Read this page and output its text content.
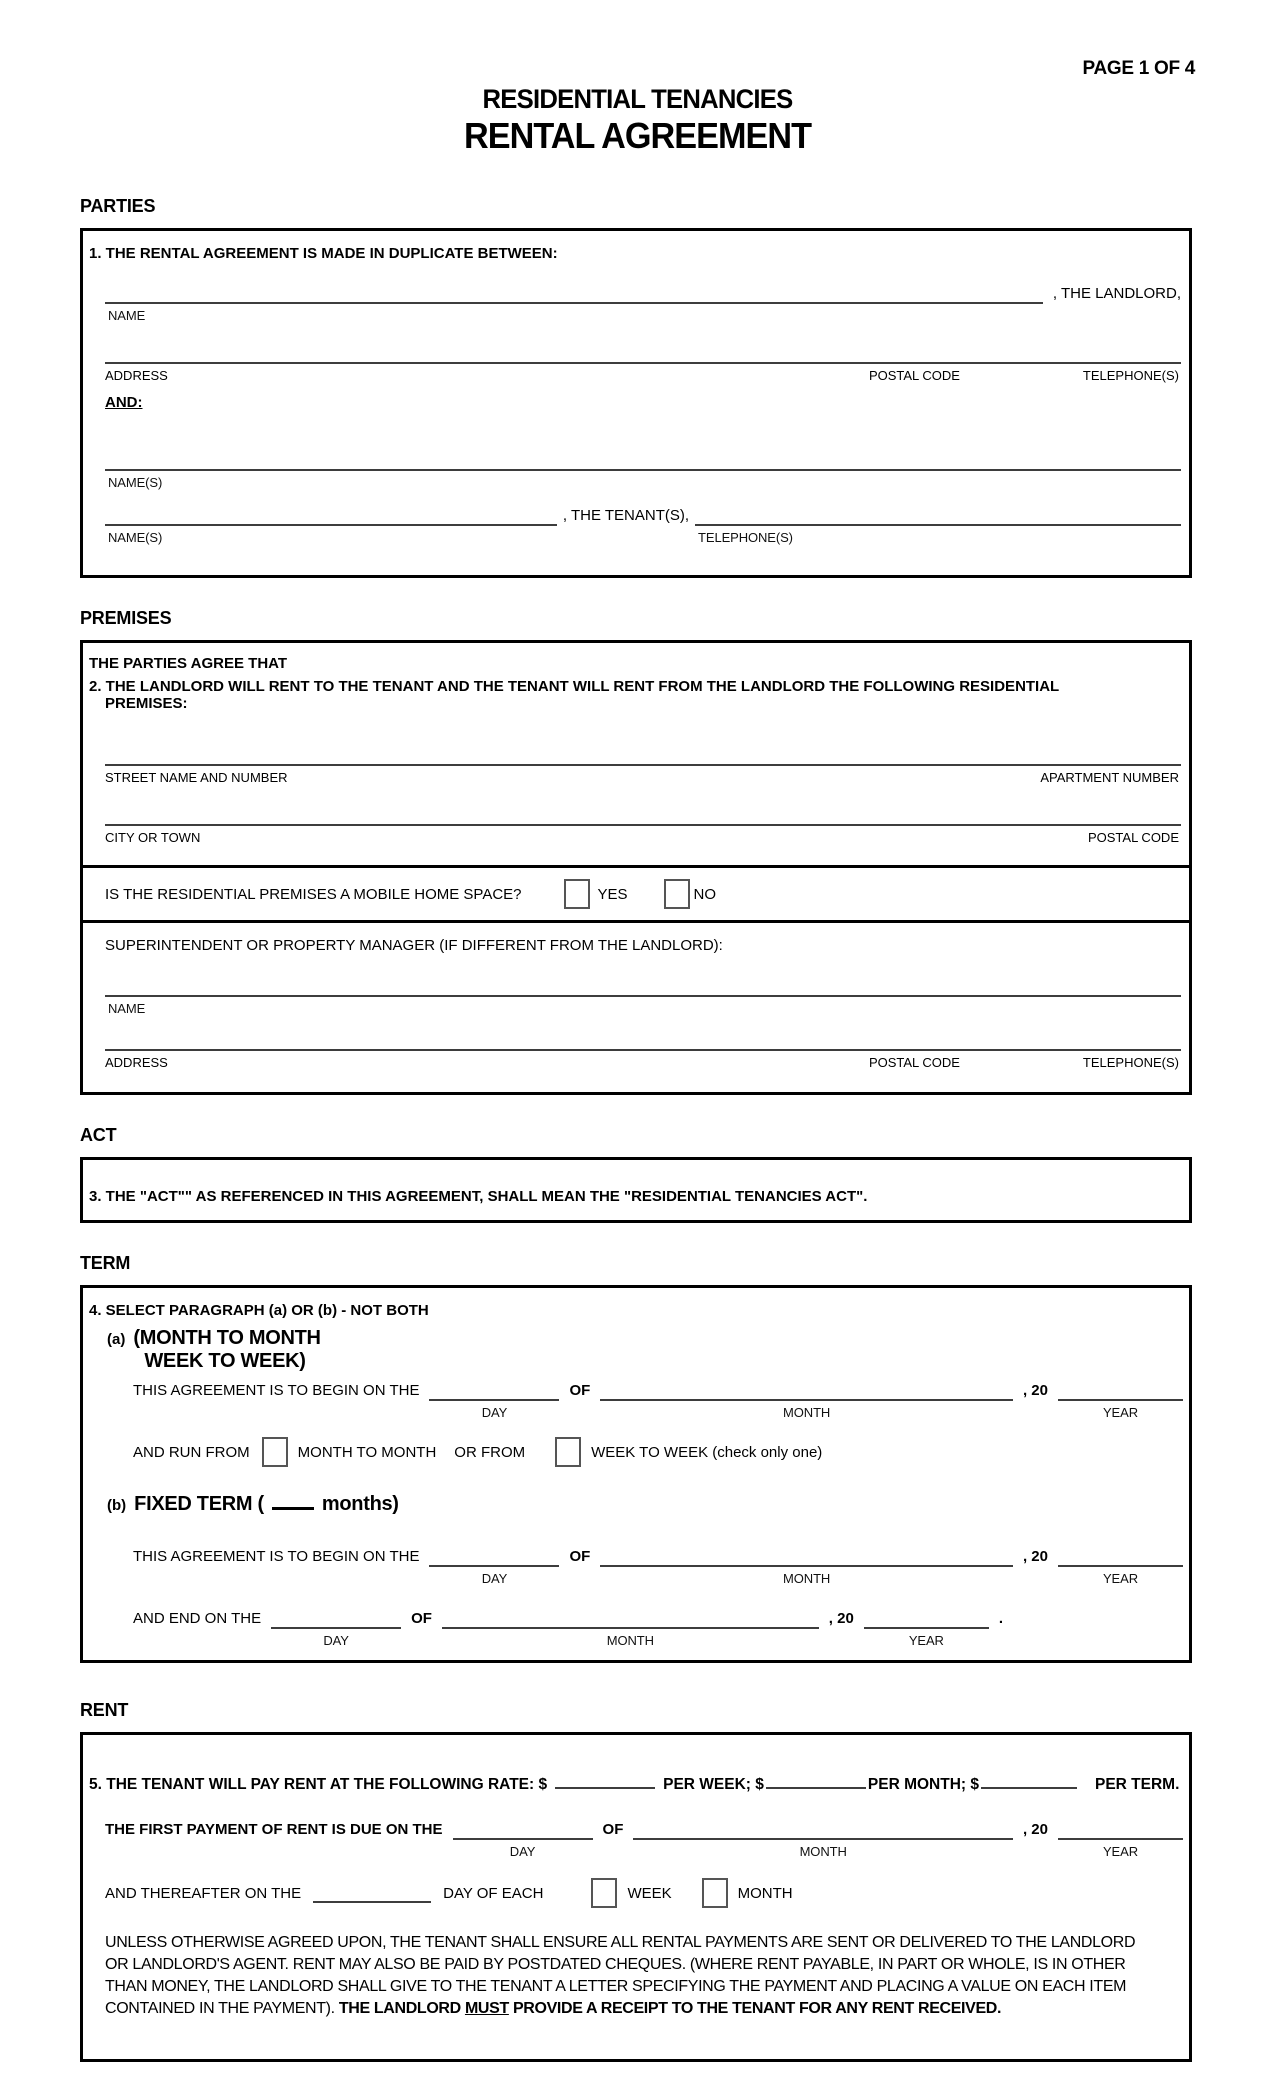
PAGE 1 OF 4
RESIDENTIAL TENANCIES
RENTAL AGREEMENT
PARTIES
1. THE RENTAL AGREEMENT IS MADE IN DUPLICATE BETWEEN:
NAME
, THE LANDLORD,
ADDRESS	POSTAL CODE	TELEPHONE(S)
AND:
NAME(S)
NAME(S)
, THE TENANT(S),
TELEPHONE(S)
PREMISES
THE PARTIES AGREE THAT
2. THE LANDLORD WILL RENT TO THE TENANT AND THE TENANT WILL RENT FROM THE LANDLORD THE FOLLOWING RESIDENTIAL
PREMISES:
STREET NAME AND NUMBER	APARTMENT NUMBER
CITY OR TOWN	POSTAL CODE
IS THE RESIDENTIAL PREMISES A MOBILE HOME SPACE?	YES	NO
SUPERINTENDENT OR PROPERTY MANAGER (IF DIFFERENT FROM THE LANDLORD):
NAME
ADDRESS	POSTAL CODE	TELEPHONE(S)
ACT
3. THE "ACT"" AS REFERENCED IN THIS AGREEMENT, SHALL MEAN THE "RESIDENTIAL TENANCIES ACT".
TERM
4. SELECT PARAGRAPH (a) OR (b) - NOT BOTH
(a) (MONTH TO MONTH
WEEK TO WEEK)
THIS AGREEMENT IS TO BEGIN ON THE
DAY
OF
MONTH
, 20
YEAR
AND RUN FROM	MONTH TO MONTH OR FROM	WEEK TO WEEK (check only one)
(b) FIXED TERM (	months)
THIS AGREEMENT IS TO BEGIN ON THE
DAY
OF
MONTH
, 20
YEAR
AND END ON THE
DAY
OF
MONTH
, 20
YEAR
.
RENT
5. THE TENANT WILL PAY RENT AT THE FOLLOWING RATE: $	PER WEEK; $	PER MONTH; $	PER TERM.
THE FIRST PAYMENT OF RENT IS DUE ON THE
DAY
OF
MONTH
, 20
YEAR
AND THEREAFTER ON THE	DAY OF EACH	WEEK	MONTH
UNLESS OTHERWISE AGREED UPON, THE TENANT SHALL ENSURE ALL RENTAL PAYMENTS ARE SENT OR DELIVERED TO THE LANDLORD
OR LANDLORD'S AGENT. RENT MAY ALSO BE PAID BY POSTDATED CHEQUES. (WHERE RENT PAYABLE, IN PART OR WHOLE, IS IN OTHER
THAN MONEY, THE LANDLORD SHALL GIVE TO THE TENANT A LETTER SPECIFYING THE PAYMENT AND PLACING A VALUE ON EACH ITEM
CONTAINED IN THE PAYMENT). THE LANDLORD MUST PROVIDE A RECEIPT TO THE TENANT FOR ANY RENT RECEIVED.
